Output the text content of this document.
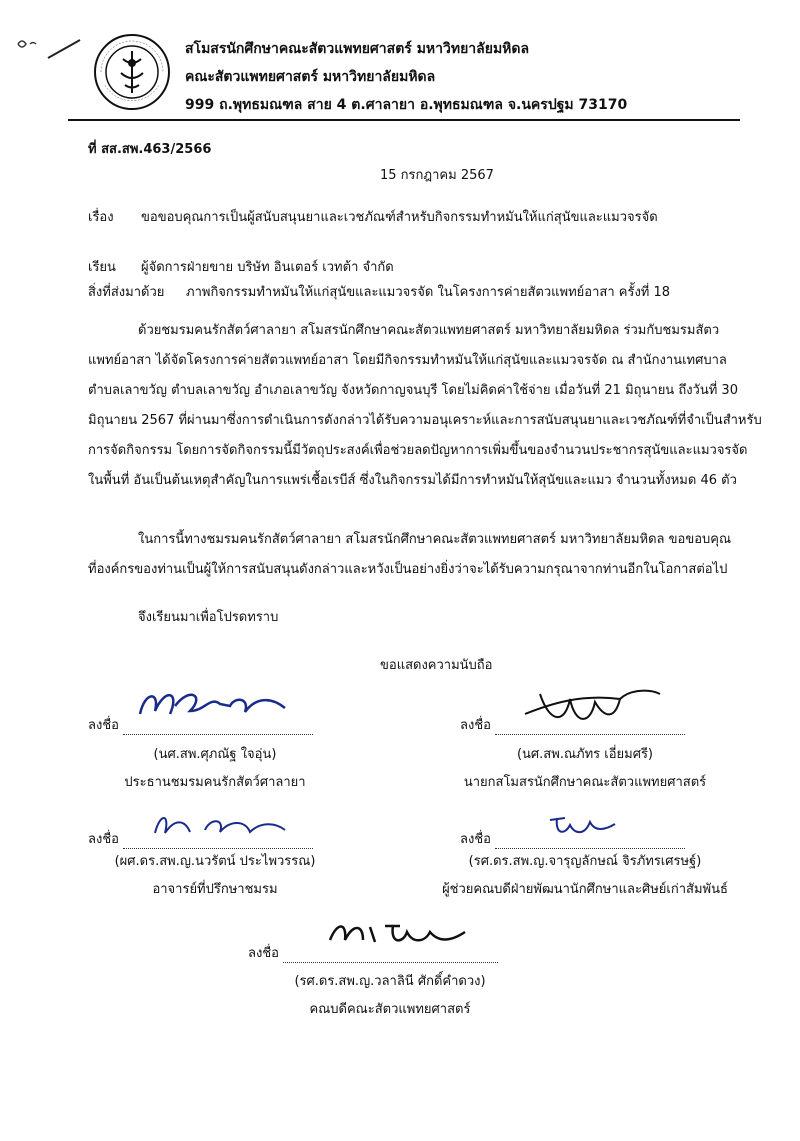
สโมสรนักศึกษาคณะสัตวแพทยศาสตร์ มหาวิทยาลัยมหิดล
คณะสัตวแพทยศาสตร์ มหาวิทยาลัยมหิดล
999 ถ.พุทธมณฑล สาย 4 ต.ศาลายา อ.พุทธมณฑล จ.นครปฐม 73170
ที่ สส.สพ.463/2566
15 กรกฎาคม 2567
เรื่อง ขอขอบคุณการเป็นผู้สนับสนุนยาและเวชภัณฑ์สำหรับกิจกรรมทำหมันให้แก่สุนัขและแมวจรจัด
เรียน ผู้จัดการฝ่ายขาย บริษัท อินเตอร์ เวทต้า จำกัด
สิ่งที่ส่งมาด้วย ภาพกิจกรรมทำหมันให้แก่สุนัขและแมวจรจัด ในโครงการค่ายสัตวแพทย์อาสา ครั้งที่ 18
ด้วยชมรมคนรักสัตว์ศาลายา สโมสรนักศึกษาคณะสัตวแพทยศาสตร์ มหาวิทยาลัยมหิดล ร่วมกับชมรมสัตว
แพทย์อาสา ได้จัดโครงการค่ายสัตวแพทย์อาสา โดยมีกิจกรรมทำหมันให้แก่สุนัขและแมวจรจัด ณ สำนักงานเทศบาล
ตำบลเลาขวัญ ตำบลเลาขวัญ อำเภอเลาขวัญ จังหวัดกาญจนบุรี โดยไม่คิดค่าใช้จ่าย เมื่อวันที่ 21 มิถุนายน ถึงวันที่ 30
มิถุนายน 2567 ที่ผ่านมาซึ่งการดำเนินการดังกล่าวได้รับความอนุเคราะห์และการสนับสนุนยาและเวชภัณฑ์ที่จำเป็นสำหรับ
การจัดกิจกรรม โดยการจัดกิจกรรมนี้มีวัตถุประสงค์เพื่อช่วยลดปัญหาการเพิ่มขึ้นของจำนวนประชากรสุนัขและแมวจรจัด
ในพื้นที่ อันเป็นต้นเหตุสำคัญในการแพร่เชื้อเรบีส์ ซึ่งในกิจกรรมได้มีการทำหมันให้สุนัขและแมว จำนวนทั้งหมด 46 ตัว
ในการนี้ทางชมรมคนรักสัตว์ศาลายา สโมสรนักศึกษาคณะสัตวแพทยศาสตร์ มหาวิทยาลัยมหิดล ขอขอบคุณ
ที่องค์กรของท่านเป็นผู้ให้การสนับสนุนดังกล่าวและหวังเป็นอย่างยิ่งว่าจะได้รับความกรุณาจากท่านอีกในโอกาสต่อไป
จึงเรียนมาเพื่อโปรดทราบ
ขอแสดงความนับถือ
ลงชื่อ
(นศ.สพ.ศุภณัฐ ใจอุ่น)
ประธานชมรมคนรักสัตว์ศาลายา
ลงชื่อ
(นศ.สพ.ณภัทร เอี่ยมศรี)
นายกสโมสรนักศึกษาคณะสัตวแพทยศาสตร์
ลงชื่อ
(ผศ.ดร.สพ.ญ.นวรัตน์ ประไพวรรณ)
อาจารย์ที่ปรึกษาชมรม
ลงชื่อ
(รศ.ดร.สพ.ญ.จารุญลักษณ์ จิรภัทรเศรษฐ์)
ผู้ช่วยคณบดีฝ่ายพัฒนานักศึกษาและศิษย์เก่าสัมพันธ์
ลงชื่อ
(รศ.ดร.สพ.ญ.วลาลินี ศักดิ์คำดวง)
คณบดีคณะสัตวแพทยศาสตร์
